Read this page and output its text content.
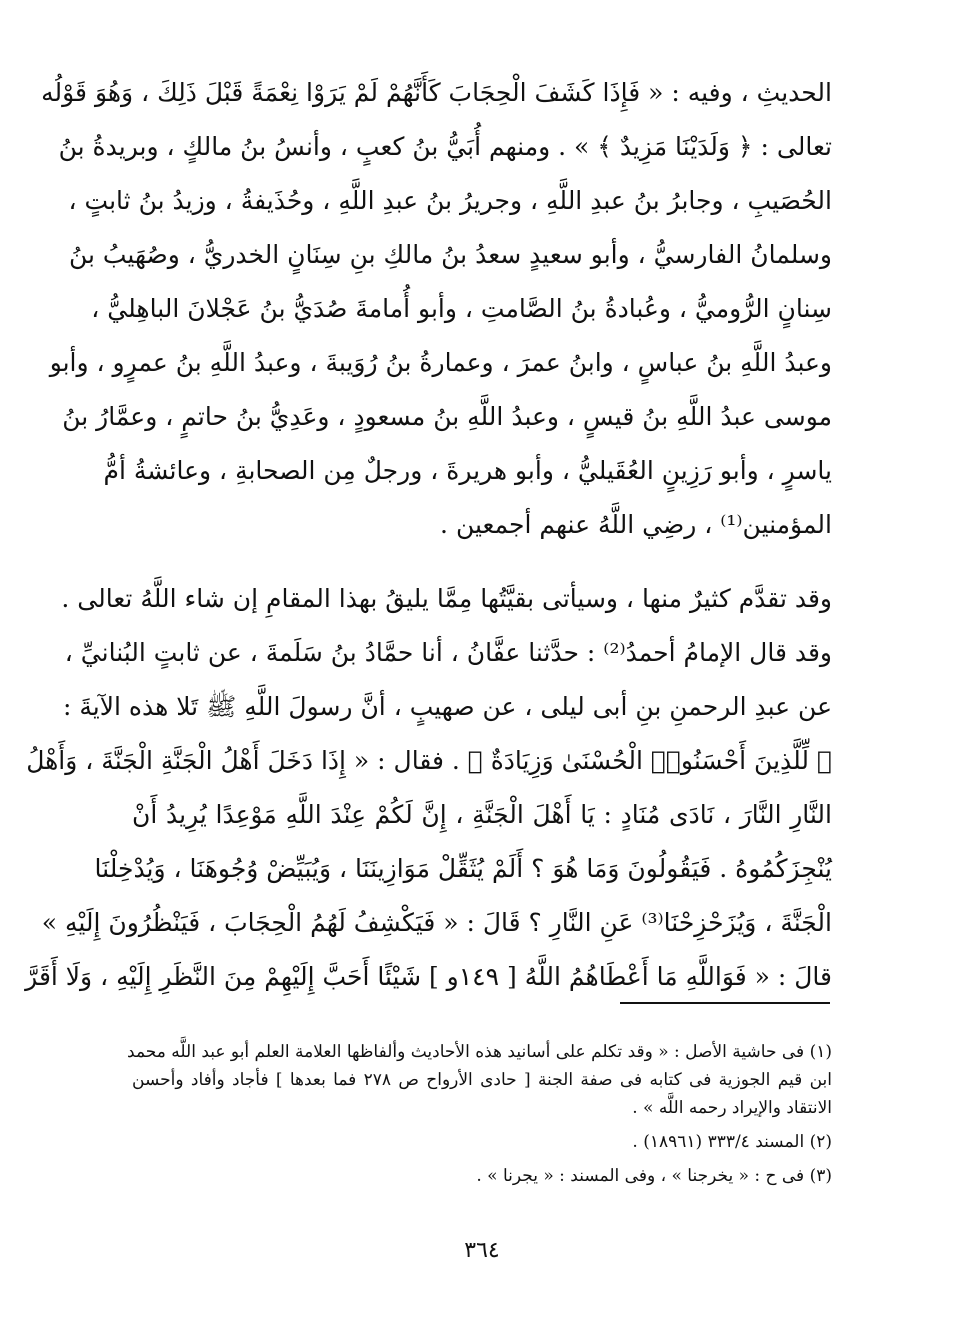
الحديثِ ، وفيه : « فَإِذَا كَشَفَ الْحِجَابَ كَأَنَّهُمْ لَمْ يَرَوْا نِعْمَةً قَبْلَ ذَلِكَ ، وَهُوَ قَوْلُه
تعالى : ﴿ وَلَدَيْنَا مَزِيدٌ ﴾ » . ومنهم أُبَيُّ بنُ كعبٍ ، وأنسُ بنُ مالكٍ ، وبريدةُ بنُ
الحُصَيبِ ، وجابرُ بنُ عبدِ اللَّهِ ، وجريرُ بنُ عبدِ اللَّهِ ، وحُذَيفةُ ، وزيدُ بنُ ثابتٍ ،
وسلمانُ الفارسيُّ ، وأبو سعيدٍ سعدُ بنُ مالكِ بنِ سِنَانٍ الخدريُّ ، وصُهَيبُ بنُ
سِنانٍ الرُّوميُّ ، وعُبادةُ بنُ الصَّامتِ ، وأبو أُمامةَ صُدَيُّ بنُ عَجْلانَ الباهِليُّ ،
وعبدُ اللَّهِ بنُ عباسٍ ، وابنُ عمرَ ، وعمارةُ بنُ رُوَيبةَ ، وعبدُ اللَّهِ بنُ عمرٍو ، وأبو
موسى عبدُ اللَّهِ بنُ قيسٍ ، وعبدُ اللَّهِ بنُ مسعودٍ ، وعَدِيُّ بنُ حاتمٍ ، وعمَّارُ بنُ
ياسرٍ ، وأبو رَزِينٍ العُقَيليُّ ، وأبو هريرةَ ، ورجلٌ مِن الصحابةِ ، وعائشةُ أمُّ
المؤمنين⁽¹⁾ ، رضِي اللَّهُ عنهم أجمعين .
وقد تقدَّم كثيرٌ منها ، وسيأتى بقيَّتُها مِمَّا يليقُ بهذا المقامِ إن شاء اللَّهُ تعالى .
وقد قال الإمامُ أحمدُ⁽²⁾ : حدَّثنا عفَّانُ ، أنا حمَّادُ بنُ سَلَمةَ ، عن ثابتٍ البُنانيِّ ،
عن عبدِ الرحمنِ بنِ أبى ليلى ، عن صهيبٍ ، أنَّ رسولَ اللَّهِ ﷺ تَلا هذه الآيةَ :
﴿ لِّلَّذِينَ أَحْسَنُوا۟ الْحُسْنَىٰ وَزِيَادَةٌ ﴾ . فقال : « إِذَا دَخَلَ أَهْلُ الْجَنَّةِ الْجَنَّةَ ، وَأَهْلُ
النَّارِ النَّارَ ، نَادَى مُنَادٍ : يَا أَهْلَ الْجَنَّةِ ، إِنَّ لَكُمْ عِنْدَ اللَّهِ مَوْعِدًا يُرِيدُ أَنْ
يُنْجِزَكُمُوهُ . فَيَقُولُونَ وَمَا هُوَ ؟ أَلَمْ يُثَقِّلْ مَوَازِينَنَا ، وَيُبَيِّضْ وُجُوهَنَا ، وَيُدْخِلْنَا
الْجَنَّةَ ، وَيُزَحْزِحْنَا⁽³⁾ عَنِ النَّارِ ؟ قَالَ : « فَيَكْشِفُ لَهُمُ الْحِجَابَ ، فَيَنْظُرُونَ إِلَيْهِ »
قالَ : « فَوَاللَّهِ مَا أَعْطَاهُمُ اللَّهُ [ ١٤٩و ] شَيْئًا أَحَبَّ إِلَيْهِمْ مِنَ النَّظَرِ إِلَيْهِ ، وَلَا أَقَرَّ
(١) فى حاشية الأصل : « وقد تكلم على أسانيد هذه الأحاديث وألفاظها العلامة العلم أبو عبد اللَّه محمد
ابن قيم الجوزية فى كتابه فى صفة الجنة [ حادى الأرواح ص ٢٧٨ فما بعدها ] فأجاد وأفاد وأحسن
الانتقاد والإيراد رحمه اللَّه » .
(٢) المسند ٣٣٣/٤ (١٨٩٦١) .
(٣) فى ح : « يخرجنا » ، وفى المسند : « يجرنا » .
٣٦٤
